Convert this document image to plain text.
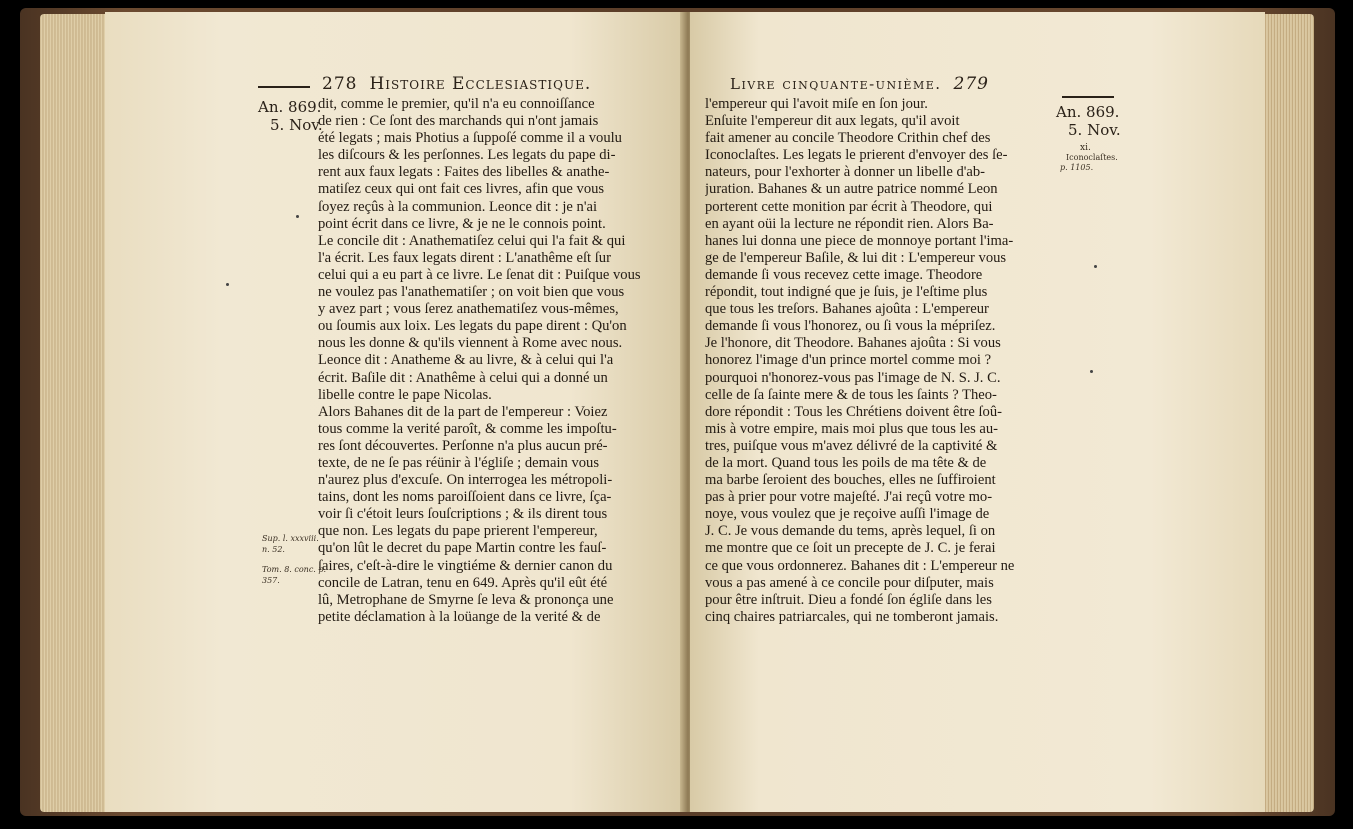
278 Histoire Ecclesiastique.
An. 869.
5. Nov.
Sup. l. xxxviii.
n. 52.
Tom. 8. conc. p.
357.
dit, comme le premier, qu'il n'a eu connoiſſance
de rien : Ce ſont des marchands qui n'ont jamais
été legats ; mais Photius a ſuppoſé comme il a voulu
les diſcours & les perſonnes. Les legats du pape di-
rent aux faux legats : Faites des libelles & anathe-
matiſez ceux qui ont fait ces livres, afin que vous
ſoyez reçûs à la communion. Leonce dit : je n'ai
point écrit dans ce livre, & je ne le connois point.
Le concile dit : Anathematiſez celui qui l'a fait & qui
l'a écrit. Les faux legats dirent : L'anathême eſt ſur
celui qui a eu part à ce livre. Le ſenat dit : Puiſque vous
ne voulez pas l'anathematiſer ; on voit bien que vous
y avez part ; vous ſerez anathematiſez vous-mêmes,
ou ſoumis aux loix. Les legats du pape dirent : Qu'on
nous les donne & qu'ils viennent à Rome avec nous.
Leonce dit : Anatheme & au livre, & à celui qui l'a
écrit. Baſile dit : Anathême à celui qui a donné un
libelle contre le pape Nicolas.
Alors Bahanes dit de la part de l'empereur : Voiez
tous comme la verité paroît, & comme les impoſtu-
res ſont découvertes. Perſonne n'a plus aucun pré-
texte, de ne ſe pas réünir à l'égliſe ; demain vous
n'aurez plus d'excuſe. On interrogea les métropoli-
tains, dont les noms paroiſſoient dans ce livre, ſça-
voir ſi c'étoit leurs ſouſcriptions ; & ils dirent tous
que non. Les legats du pape prierent l'empereur,
qu'on lût le decret du pape Martin contre les fauſ-
ſaires, c'eſt-à-dire le vingtiéme & dernier canon du
concile de Latran, tenu en 649. Après qu'il eût été
lû, Metrophane de Smyrne ſe leva & prononça une
petite déclamation à la loüange de la verité & de
Livre cinquante-unième. 279
An. 869.
5. Nov.
xi.
Iconoclaſtes.
p. 1105.
l'empereur qui l'avoit miſe en ſon jour.
Enſuite l'empereur dit aux legats, qu'il avoit
fait amener au concile Theodore Crithin chef des
Iconoclaſtes. Les legats le prierent d'envoyer des ſe-
nateurs, pour l'exhorter à donner un libelle d'ab-
juration. Bahanes & un autre patrice nommé Leon
porterent cette monition par écrit à Theodore, qui
en ayant oüi la lecture ne répondit rien. Alors Ba-
hanes lui donna une piece de monnoye portant l'ima-
ge de l'empereur Baſile, & lui dit : L'empereur vous
demande ſi vous recevez cette image. Theodore
répondit, tout indigné que je ſuis, je l'eſtime plus
que tous les treſors. Bahanes ajoûta : L'empereur
demande ſi vous l'honorez, ou ſi vous la mépriſez.
Je l'honore, dit Theodore. Bahanes ajoûta : Si vous
honorez l'image d'un prince mortel comme moi ?
pourquoi n'honorez-vous pas l'image de N. S. J. C.
celle de ſa ſainte mere & de tous les ſaints ? Theo-
dore répondit : Tous les Chrétiens doivent être ſoû-
mis à votre empire, mais moi plus que tous les au-
tres, puiſque vous m'avez délivré de la captivité &
de la mort. Quand tous les poils de ma tête & de
ma barbe ſeroient des bouches, elles ne ſuffiroient
pas à prier pour votre majeſté. J'ai reçû votre mo-
noye, vous voulez que je reçoive auſſi l'image de
J. C. Je vous demande du tems, après lequel, ſi on
me montre que ce ſoit un precepte de J. C. je ferai
ce que vous ordonnerez. Bahanes dit : L'empereur ne
vous a pas amené à ce concile pour diſputer, mais
pour être inſtruit. Dieu a fondé ſon égliſe dans les
cinq chaires patriarcales, qui ne tomberont jamais.
